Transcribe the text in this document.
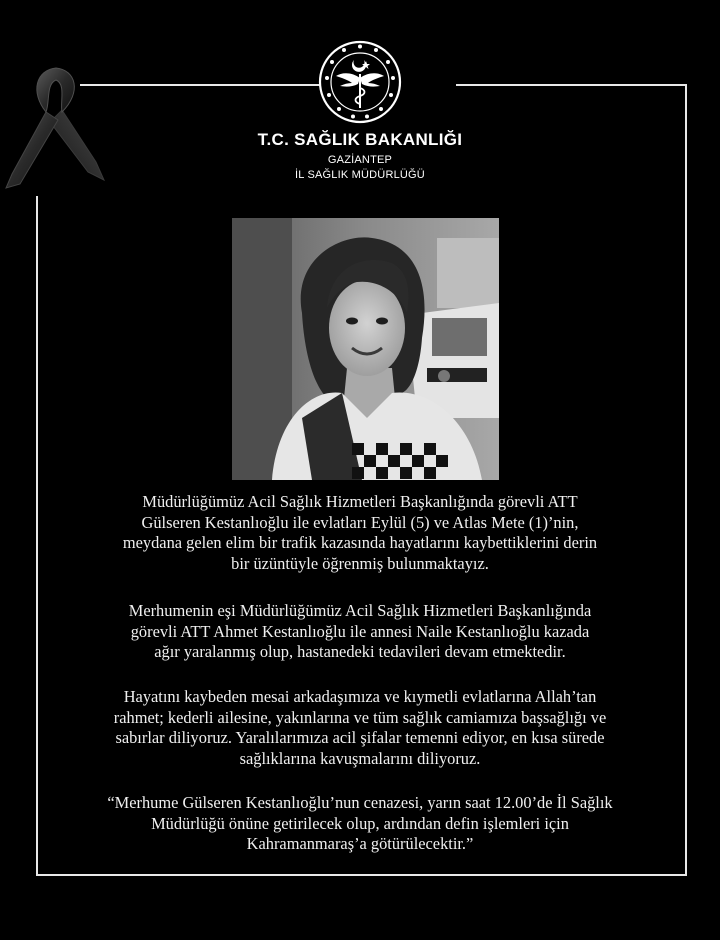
T.C. SAĞLIK BAKANLIĞI
GAZİANTEP
İL SAĞLIK MÜDÜRLÜĞÜ

Müdürlüğümüz Acil Sağlık Hizmetleri Başkanlığında görevli ATT

Gülseren Kestanlıoğlu ile evlatları Eylül (5) ve Atlas Mete (1)’nin,

meydana gelen elim bir trafik kazasında hayatlarını kaybettiklerini derin

bir üzüntüyle öğrenmiş bulunmaktayız.

Merhumenin eşi Müdürlüğümüz Acil Sağlık Hizmetleri Başkanlığında

görevli ATT Ahmet Kestanlıoğlu ile annesi Naile Kestanlıoğlu kazada

ağır yaralanmış olup, hastanedeki tedavileri devam etmektedir.

Hayatını kaybeden mesai arkadaşımıza ve kıymetli evlatlarına Allah’tan

rahmet; kederli ailesine, yakınlarına ve tüm sağlık camiamıza başsağlığı ve

sabırlar diliyoruz. Yaralılarımıza acil şifalar temenni ediyor, en kısa sürede

sağlıklarına kavuşmalarını diliyoruz.

“Merhume Gülseren Kestanlıoğlu’nun cenazesi, yarın saat 12.00’de İl Sağlık

Müdürlüğü önüne getirilecek olup, ardından defin işlemleri için

Kahramanmaraş’a götürülecektir.”
